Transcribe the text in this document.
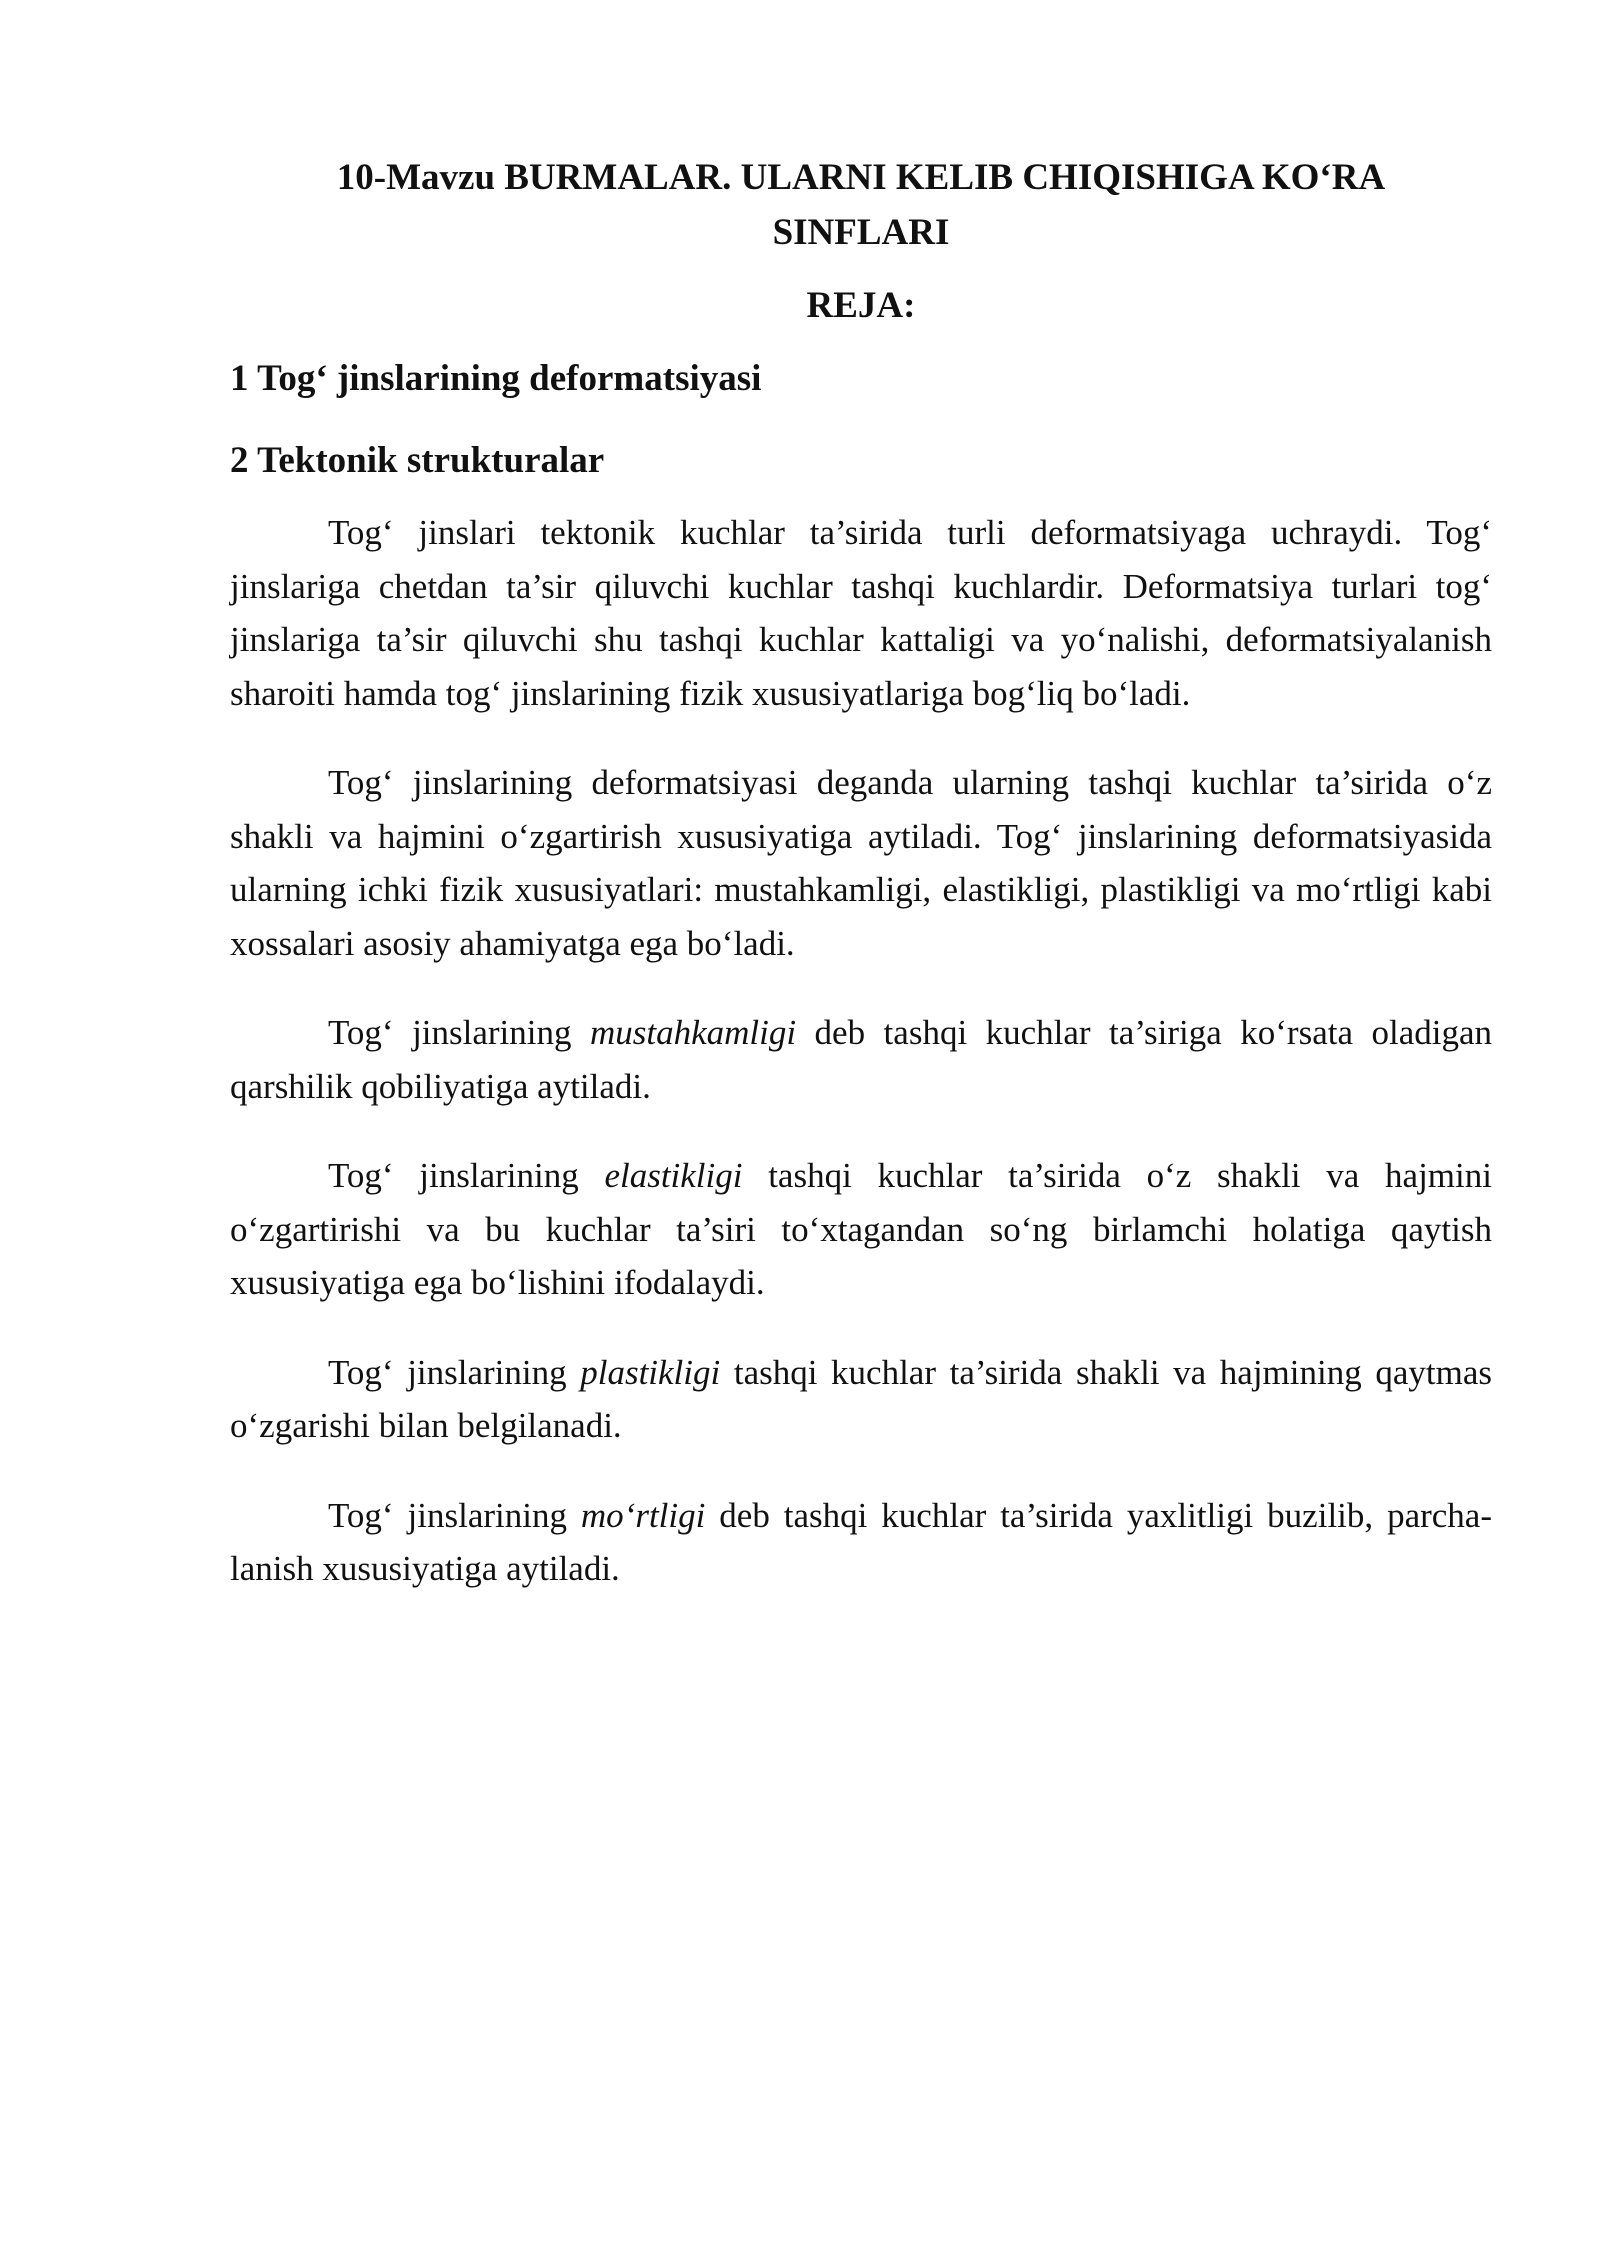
10-Mavzu BURMALAR. ULARNI KELIB CHIQISHIGA KO‘RA
SINFLARI
REJA:
1 Tog‘ jinslarining deformatsiyasi
2 Tektonik strukturalar

Tog‘ jinslari tektonik kuchlar ta’sirida turli deformatsiyaga uchraydi. Tog‘ jinslariga chetdan ta’sir qiluvchi kuchlar tashqi kuchlardir. Deformatsiya turlari tog‘ jinslariga ta’sir qiluvchi shu tashqi kuchlar kattaligi va yo‘nalishi, deformatsiyalanish sharoiti hamda tog‘ jinslarining fizik xususiyatlariga bog‘liq bo‘ladi.

Tog‘ jinslarining deformatsiyasi deganda ularning tashqi kuchlar ta’sirida o‘z shakli va hajmini o‘zgartirish xususiyatiga aytiladi. Tog‘ jinslarining deformatsiyasida ularning ichki fizik xususiyatlari: mustahkamligi, elastikligi, plastikligi va mo‘rtligi kabi xossalari asosiy ahamiyatga ega bo‘ladi.

Tog‘ jinslarining mustahkamligi deb tashqi kuchlar ta’siriga ko‘rsata oladigan qarshilik qobiliyatiga aytiladi.

Tog‘ jinslarining elastikligi tashqi kuchlar ta’sirida o‘z shakli va hajmini o‘zgartirishi va bu kuchlar ta’siri to‘xtagandan so‘ng birlamchi holatiga qaytish xususiyatiga ega bo‘lishini ifodalaydi.

Tog‘ jinslarining plastikligi tashqi kuchlar ta’sirida shakli va hajmining qaytmas o‘zgarishi bilan belgilanadi.

Tog‘ jinslarining mo‘rtligi deb tashqi kuchlar ta’sirida yaxlitligi buzilib, parcha-lanish xususiyatiga aytiladi.
